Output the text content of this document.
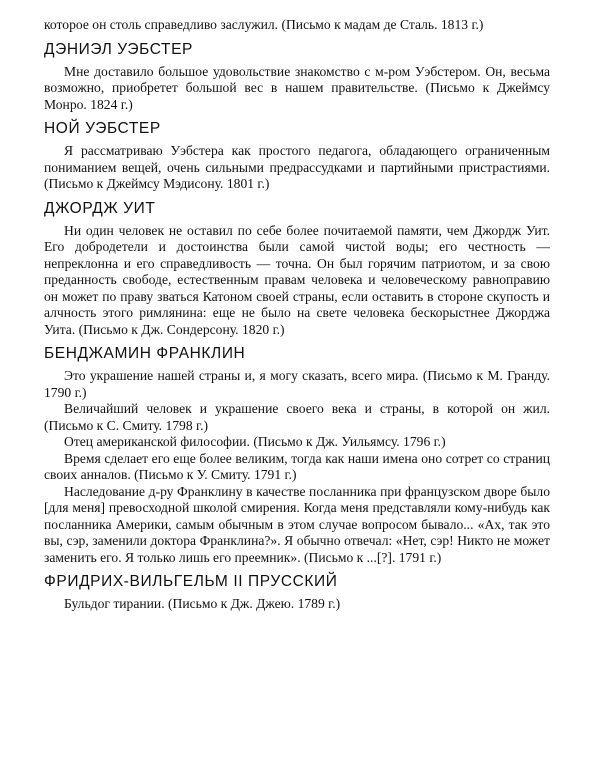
которое он столь справедливо заслужил. (Письмо к мадам де Сталь. 1813 г.)

ДЭНИЭЛ УЭБСТЕР

Мне доставило большое удовольствие знакомство с м-ром Уэбстером. Он, весьма возможно, приобретет большой вес в нашем правительстве. (Письмо к Джеймсу Монро. 1824 г.)

НОЙ УЭБСТЕР

Я рассматриваю Уэбстера как простого педагога, обладающего ограниченным пониманием вещей, очень сильными предрассудками и партийными пристрастиями. (Письмо к Джеймсу Мэдисону. 1801 г.)

ДЖОРДЖ УИТ

Ни один человек не оставил по себе более почитаемой памяти, чем Джордж Уит. Его добродетели и достоинства были самой чистой воды; его честность — непреклонна и его справедливость — точна. Он был горячим патриотом, и за свою преданность свободе, естественным правам человека и человеческому равноправию он может по праву зваться Катоном своей страны, если оставить в стороне скупость и алчность этого римлянина: еще не было на свете человека бескорыстнее Джорджа Уита. (Письмо к Дж. Сондерсону. 1820 г.)

БЕНДЖАМИН ФРАНКЛИН

Это украшение нашей страны и, я могу сказать, всего мира. (Письмо к М. Гранду. 1790 г.)

Величайший человек и украшение своего века и страны, в которой он жил. (Письмо к С. Смиту. 1798 г.)

Отец американской философии. (Письмо к Дж. Уильямсу. 1796 г.)

Время сделает его еще более великим, тогда как наши имена оно сотрет со страниц своих анналов. (Письмо к У. Смиту. 1791 г.)

Наследование д-ру Франклину в качестве посланника при французском дворе было [для меня] превосходной школой смирения. Когда меня представляли кому-нибудь как посланника Америки, самым обычным в этом случае вопросом бывало... «Ах, так это вы, сэр, заменили доктора Франклина?». Я обычно отвечал: «Нет, сэр! Никто не может заменить его. Я только лишь его преемник». (Письмо к ...[?]. 1791 г.)

ФРИДРИХ-ВИЛЬГЕЛЬМ II ПРУССКИЙ

Бульдог тирании. (Письмо к Дж. Джею. 1789 г.)
